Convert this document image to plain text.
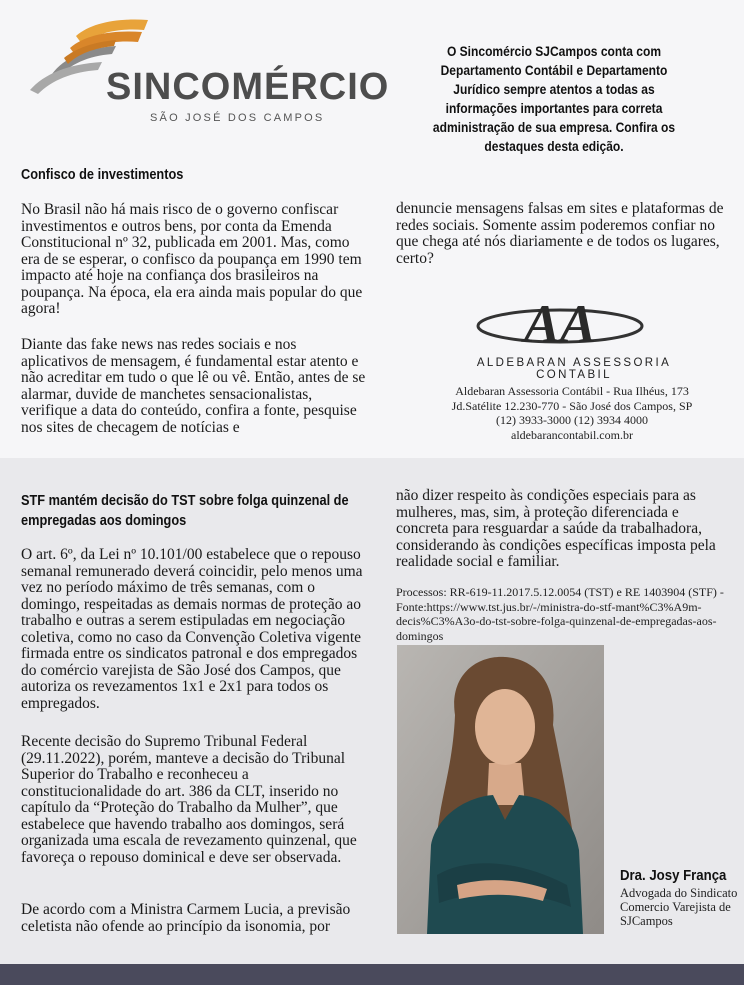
SINCOMÉRCIO
SÃO JOSÉ DOS CAMPOS
O Sincomércio SJCampos conta com Departamento Contábil e Departamento Jurídico sempre atentos a todas as informações importantes para correta administração de sua empresa. Confira os destaques desta edição.
Confisco de investimentos

No Brasil não há mais risco de o governo confiscar investimentos e outros bens, por conta da Emenda Constitucional nº 32, publicada em 2001. Mas, como era de se esperar, o confisco da poupança em 1990 tem impacto até hoje na confiança dos brasileiros na poupança. Na época, ela era ainda mais popular do que agora!

Diante das fake news nas redes sociais e nos aplicativos de mensagem, é fundamental estar atento e não acreditar em tudo o que lê ou vê. Então, antes de se alarmar, duvide de manchetes sensacionalistas, verifique a data do conteúdo, confira a fonte, pesquise nos sites de checagem de notícias e

denuncie mensagens falsas em sites e plataformas de redes sociais. Somente assim poderemos confiar no que chega até nós diariamente e de todos os lugares, certo?

AA
ALDEBARAN ASSESSORIA CONTABIL
Aldebaran Assessoria Contábil - Rua Ilhéus, 173
Jd.Satélite 12.230-770 - São José dos Campos, SP
(12) 3933-3000 (12) 3934 4000
aldebarancontabil.com.br
STF mantém decisão do TST sobre folga quinzenal de empregadas aos domingos

O art. 6º, da Lei nº 10.101/00 estabelece que o repouso semanal remunerado deverá coincidir, pelo menos uma vez no período máximo de três semanas, com o domingo, respeitadas as demais normas de proteção ao trabalho e outras a serem estipuladas em negociação coletiva, como no caso da Convenção Coletiva vigente firmada entre os sindicatos patronal e dos empregados do comércio varejista de São José dos Campos, que autoriza os revezamentos 1x1 e 2x1 para todos os empregados.

Recente decisão do Supremo Tribunal Federal (29.11.2022), porém, manteve a decisão do Tribunal Superior do Trabalho e reconheceu a constitucionalidade do art. 386 da CLT, inserido no capítulo da “Proteção do Trabalho da Mulher”, que estabelece que havendo trabalho aos domingos, será organizada uma escala de revezamento quinzenal, que favoreça o repouso dominical e deve ser observada.

De acordo com a Ministra Carmem Lucia, a previsão celetista não ofende ao princípio da isonomia, por

não dizer respeito às condições especiais para as mulheres, mas, sim, à proteção diferenciada e concreta para resguardar a saúde da trabalhadora, considerando às condições específicas imposta pela realidade social e familiar.

Processos: RR-619-11.2017.5.12.0054 (TST) e RE 1403904 (STF) - Fonte:https://www.tst.jus.br/-/ministra-do-stf-mant%C3%A9m-decis%C3%A3o-do-tst-sobre-folga-quinzenal-de-empregadas-aos-domingos

Dra. Josy França
Advogada do Sindicato Comercio Varejista de SJCampos
